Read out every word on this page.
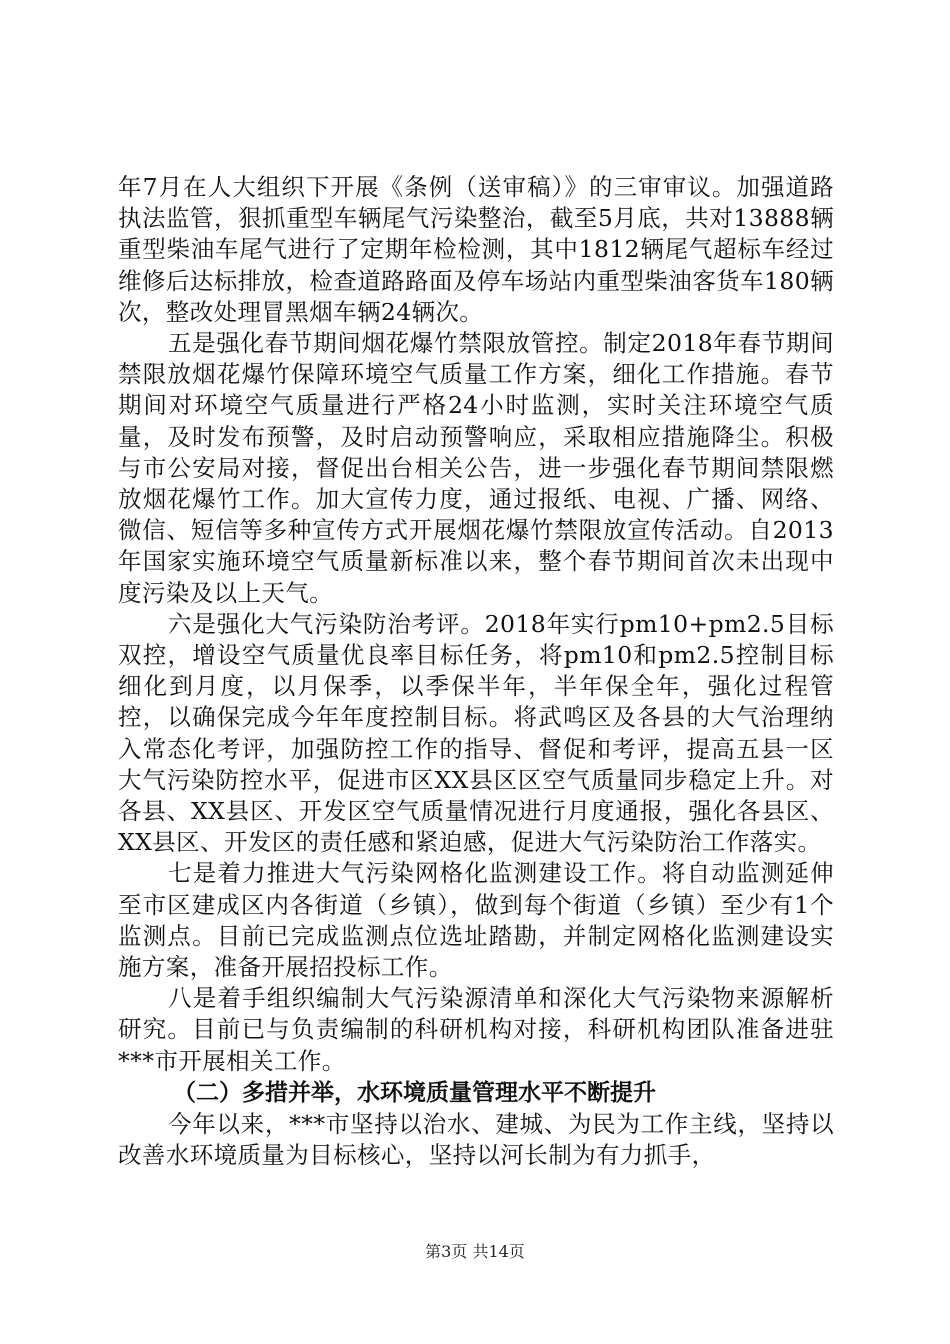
年7月在人大组织下开展《条例（送审稿）》的三审审议。加强道路执法监管，狠抓重型车辆尾气污染整治，截至5月底，共对13888辆重型柴油车尾气进行了定期年检检测，其中1812辆尾气超标车经过维修后达标排放，检查道路路面及停车场站内重型柴油客货车180辆次，整改处理冒黑烟车辆24辆次。

五是强化春节期间烟花爆竹禁限放管控。制定2018年春节期间禁限放烟花爆竹保障环境空气质量工作方案，细化工作措施。春节期间对环境空气质量进行严格24小时监测，实时关注环境空气质量，及时发布预警，及时启动预警响应，采取相应措施降尘。积极与市公安局对接，督促出台相关公告，进一步强化春节期间禁限燃放烟花爆竹工作。加大宣传力度，通过报纸、电视、广播、网络、微信、短信等多种宣传方式开展烟花爆竹禁限放宣传活动。自2013年国家实施环境空气质量新标准以来，整个春节期间首次未出现中度污染及以上天气。

六是强化大气污染防治考评。2018年实行pm10+pm2.5目标双控，增设空气质量优良率目标任务，将pm10和pm2.5控制目标细化到月度，以月保季，以季保半年，半年保全年，强化过程管控，以确保完成今年年度控制目标。将武鸣区及各县的大气治理纳入常态化考评，加强防控工作的指导、督促和考评，提高五县一区大气污染防控水平，促进市区XX县区区空气质量同步稳定上升。对各县、XX县区、开发区空气质量情况进行月度通报，强化各县区、XX县区、开发区的责任感和紧迫感，促进大气污染防治工作落实。

七是着力推进大气污染网格化监测建设工作。将自动监测延伸至市区建成区内各街道（乡镇），做到每个街道（乡镇）至少有1个监测点。目前已完成监测点位选址踏勘，并制定网格化监测建设实施方案，准备开展招投标工作。

八是着手组织编制大气污染源清单和深化大气污染物来源解析研究。目前已与负责编制的科研机构对接，科研机构团队准备进驻***市开展相关工作。

（二）多措并举，水环境质量管理水平不断提升

今年以来，***市坚持以治水、建城、为民为工作主线，坚持以改善水环境质量为目标核心，坚持以河长制为有力抓手，

第3页 共14页
